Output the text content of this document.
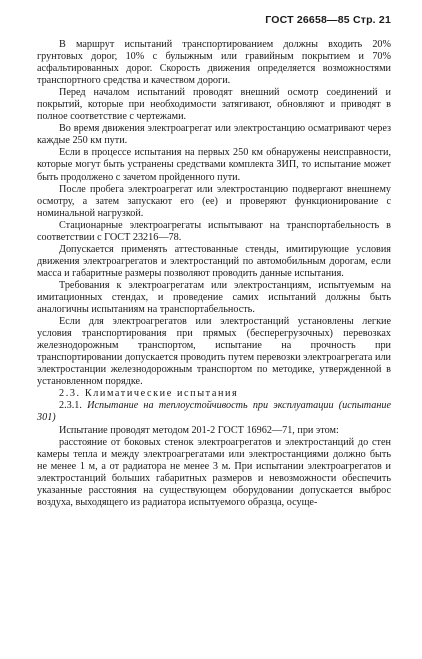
ГОСТ 26658—85 Стр. 21

В маршрут испытаний транспортированием должны входить 20% грунтовых дорог, 10% с булыжным или гравийным покрытием и 70% асфальтированных дорог. Скорость движения определяется возможностями транспортного средства и качеством дороги.

Перед началом испытаний проводят внешний осмотр соединений и покрытий, которые при необходимости затягивают, обновляют и приводят в полное соответствие с чертежами.

Во время движения электроагрегат или электростанцию осматривают через каждые 250 км пути.

Если в процессе испытания на первых 250 км обнаружены неисправности, которые могут быть устранены средствами комплекта ЗИП, то испытание может быть продолжено с зачетом пройденного пути.

После пробега электроагрегат или электростанцию подвергают внешнему осмотру, а затем запускают его (ее) и проверяют функционирование с номинальной нагрузкой.

Стационарные электроагрегаты испытывают на транспортабельность в соответствии с ГОСТ 23216—78.

Допускается применять аттестованные стенды, имитирующие условия движения электроагрегатов и электростанций по автомобильным дорогам, если масса и габаритные размеры позволяют проводить данные испытания.

Требования к электроагрегатам или электростанциям, испытуемым на имитационных стендах, и проведение самих испытаний должны быть аналогичны испытаниям на транспортабельность.

Если для электроагрегатов или электростанций установлены легкие условия транспортирования при прямых (бесперегрузочных) перевозках железнодорожным транспортом, испытание на прочность при транспортировании допускается проводить путем перевозки электроагрегата или электростанции железнодорожным транспортом по методике, утвержденной в установленном порядке.

2.3. Климатические испытания

2.3.1. Испытание на теплоустойчивость при эксплуатации (испытание 301)

Испытание проводят методом 201-2 ГОСТ 16962—71, при этом:

расстояние от боковых стенок электроагрегатов и электростанций до стен камеры тепла и между электроагрегатами или электростанциями должно быть не менее 1 м, а от радиатора не менее 3 м. При испытании электроагрегатов и электростанций больших габаритных размеров и невозможности обеспечить указанные расстояния на существующем оборудовании допускается выброс воздуха, выходящего из радиатора испытуемого образца, осуще-
